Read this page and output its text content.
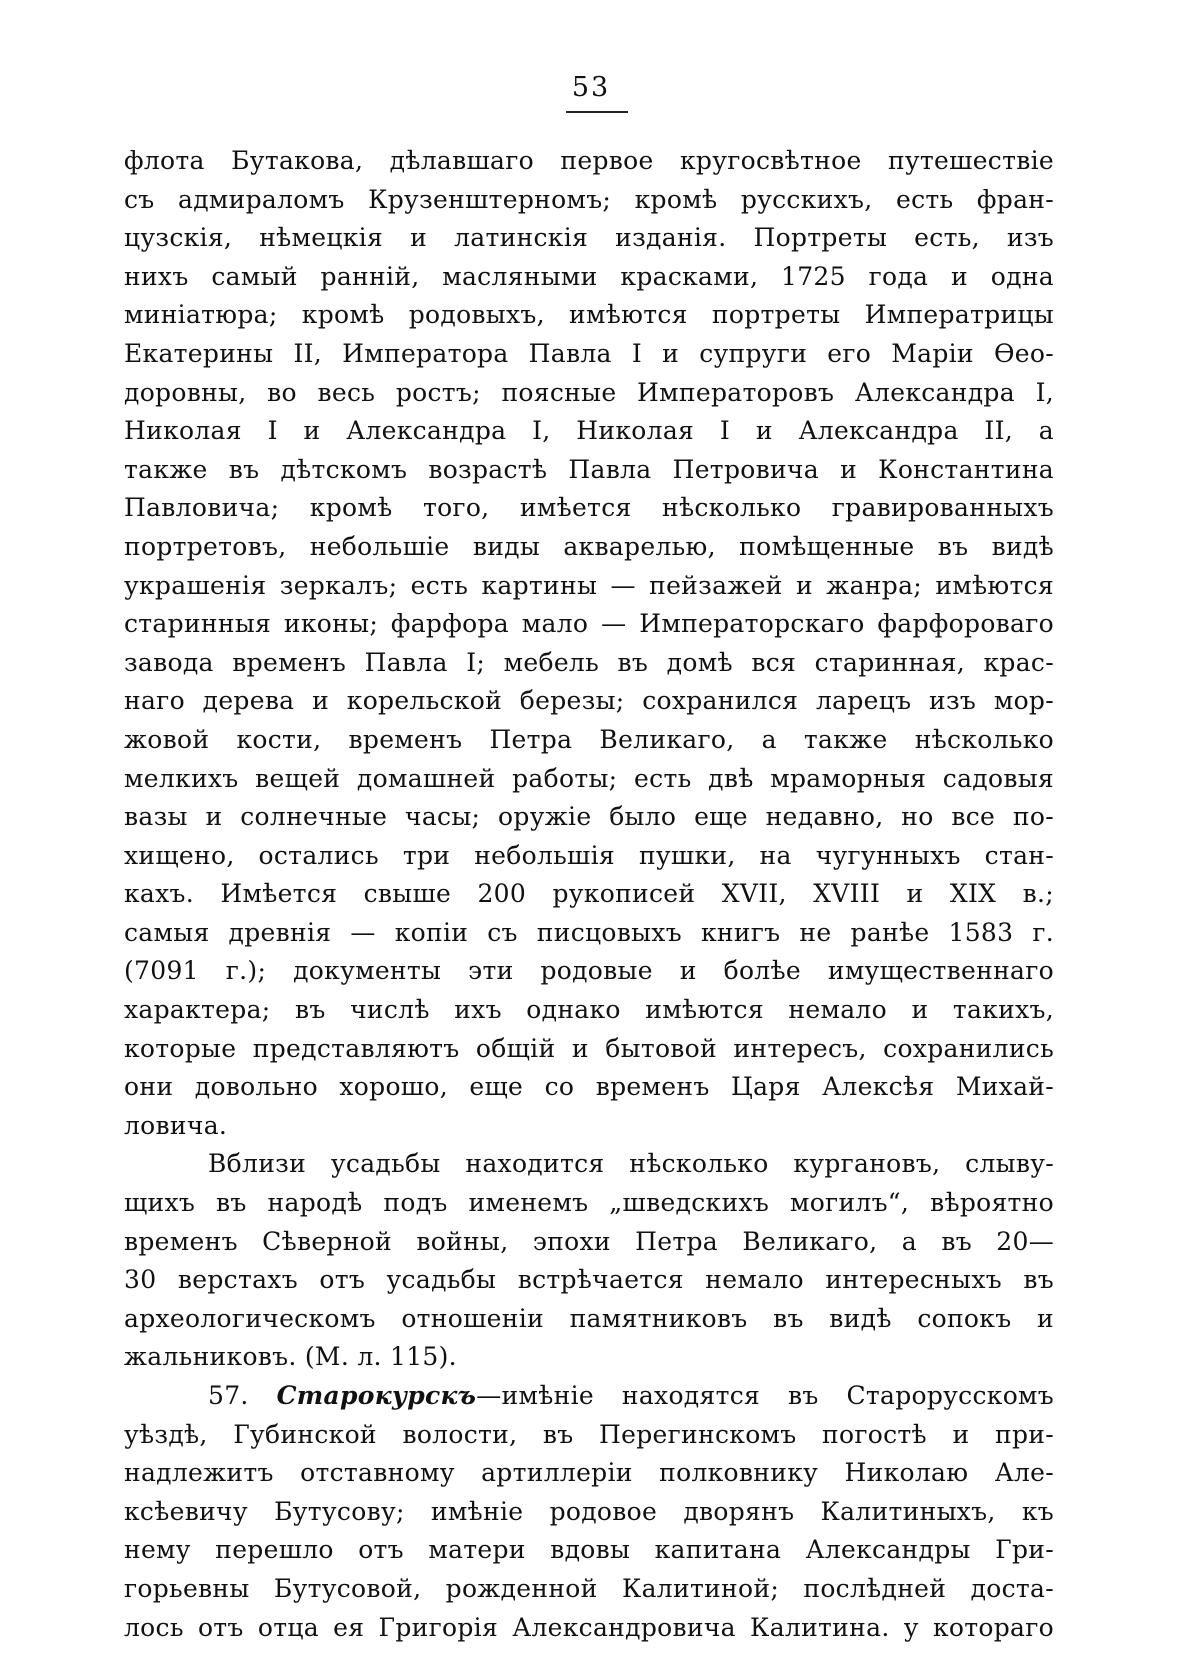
53
флота Бутакова, дѣлавшаго первое кругосвѣтное путешествіе
съ адмираломъ Крузенштерномъ; кромѣ русскихъ, есть фран-
цузскія, нѣмецкія и латинскія изданія. Портреты есть, изъ
нихъ самый ранній, масляными красками, 1725 года и одна
миніатюра; кромѣ родовыхъ, имѣются портреты Императрицы
Екатерины II, Императора Павла I и супруги его Маріи Ѳео-
доровны, во весь ростъ; поясные Императоровъ Александра I,
Николая I и Александра I, Николая I и Александра II, а
также въ дѣтскомъ возрастѣ Павла Петровича и Константина
Павловича; кромѣ того, имѣется нѣсколько гравированныхъ
портретовъ, небольшіе виды акварелью, помѣщенные въ видѣ
украшенія зеркалъ; есть картины — пейзажей и жанра; имѣются
старинныя иконы; фарфора мало — Императорскаго фарфороваго
завода временъ Павла I; мебель въ домѣ вся старинная, крас-
наго дерева и корельской березы; сохранился ларецъ изъ мор-
жовой кости, временъ Петра Великаго, а также нѣсколько
мелкихъ вещей домашней работы; есть двѣ мраморныя садовыя
вазы и солнечные часы; оружіе было еще недавно, но все по-
хищено, остались три небольшія пушки, на чугунныхъ стан-
кахъ. Имѣется свыше 200 рукописей XVII, XVIII и XIX в.;
самыя древнія — копіи съ писцовыхъ книгъ не ранѣе 1583 г.
(7091 г.); документы эти родовые и болѣе имущественнаго
характера; въ числѣ ихъ однако имѣются немало и такихъ,
которые представляютъ общій и бытовой интересъ, сохранились
они довольно хорошо, еще со временъ Царя Алексѣя Михай-
ловича.
Вблизи усадьбы находится нѣсколько кургановъ, слыву-
щихъ въ народѣ подъ именемъ „шведскихъ могилъ“, вѣроятно
временъ Сѣверной войны, эпохи Петра Великаго, а въ 20—
30 верстахъ отъ усадьбы встрѣчается немало интересныхъ въ
археологическомъ отношеніи памятниковъ въ видѣ сопокъ и
жальниковъ. (М. л. 115).
57. Старокурскъ—имѣніе находятся въ Старорусскомъ
уѣздѣ, Губинской волости, въ Перегинскомъ погостѣ и при-
надлежитъ отставному артиллеріи полковнику Николаю Але-
ксѣевичу Бутусову; имѣніе родовое дворянъ Калитиныхъ, къ
нему перешло отъ матери вдовы капитана Александры Гри-
горьевны Бутусовой, рожденной Калитиной; послѣдней доста-
лось отъ отца ея Григорія Александровича Калитина. у котораго
